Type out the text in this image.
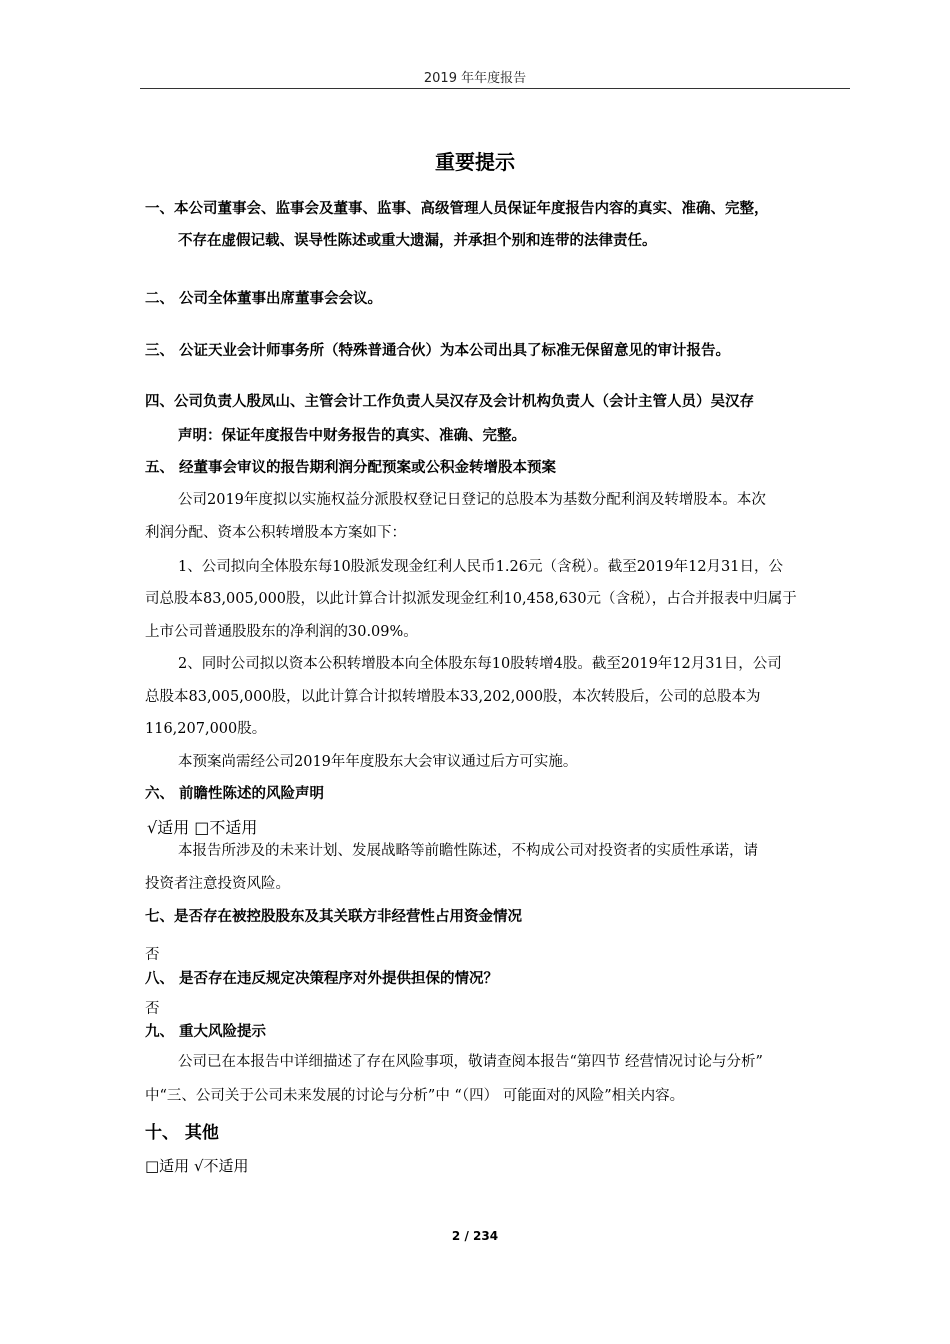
2019 年年度报告
重要提示
一、本公司董事会、监事会及董事、监事、高级管理人员保证年度报告内容的真实、准确、完整，
不存在虚假记载、误导性陈述或重大遗漏，并承担个别和连带的法律责任。
二、 公司全体董事出席董事会会议。
三、 公证天业会计师事务所（特殊普通合伙）为本公司出具了标准无保留意见的审计报告。
四、公司负责人殷凤山、主管会计工作负责人吴汉存及会计机构负责人（会计主管人员）吴汉存
声明：保证年度报告中财务报告的真实、准确、完整。
五、 经董事会审议的报告期利润分配预案或公积金转增股本预案
公司2019年度拟以实施权益分派股权登记日登记的总股本为基数分配利润及转增股本。本次
利润分配、资本公积转增股本方案如下：
1、公司拟向全体股东每10股派发现金红利人民币1.26元（含税）。截至2019年12月31日，公
司总股本83,005,000股，以此计算合计拟派发现金红利10,458,630元（含税），占合并报表中归属于
上市公司普通股股东的净利润的30.09%。
2、同时公司拟以资本公积转增股本向全体股东每10股转增4股。截至2019年12月31日，公司
总股本83,005,000股，以此计算合计拟转增股本33,202,000股，本次转股后，公司的总股本为
116,207,000股。
本预案尚需经公司2019年年度股东大会审议通过后方可实施。
六、 前瞻性陈述的风险声明
√适用 □不适用
本报告所涉及的未来计划、发展战略等前瞻性陈述，不构成公司对投资者的实质性承诺，请
投资者注意投资风险。
七、是否存在被控股股东及其关联方非经营性占用资金情况
否
八、 是否存在违反规定决策程序对外提供担保的情况？
否
九、 重大风险提示
公司已在本报告中详细描述了存在风险事项，敬请查阅本报告“第四节 经营情况讨论与分析”
中“三、公司关于公司未来发展的讨论与分析”中 “（四） 可能面对的风险”相关内容。
十、 其他
□适用 √不适用
2 / 234
